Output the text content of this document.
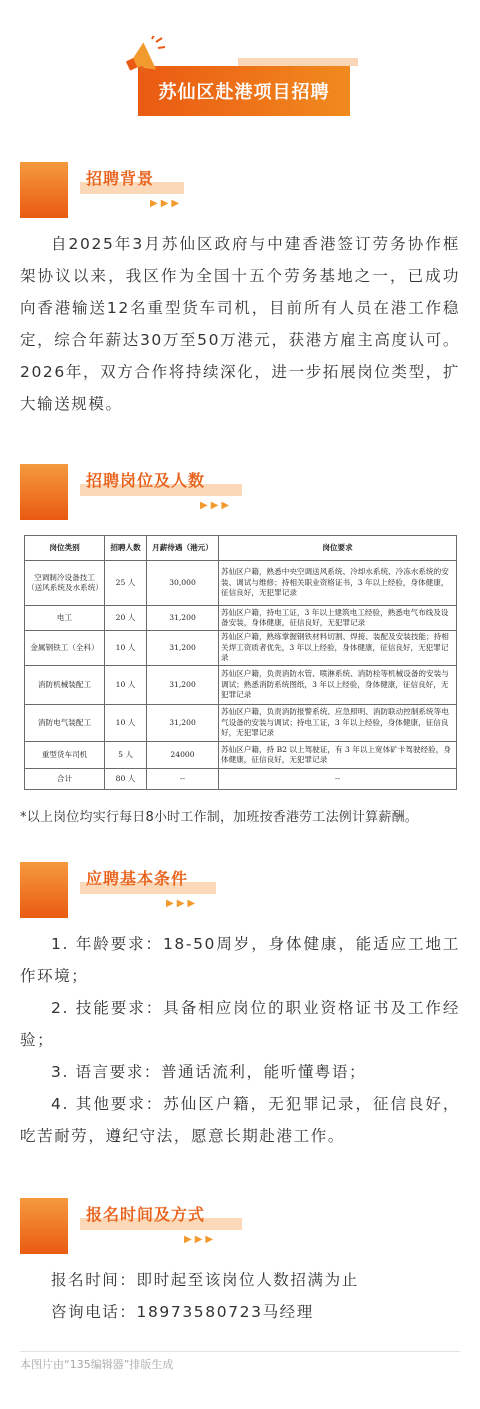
苏仙区赴港项目招聘
招聘背景
▶▶▶

自2025年3月苏仙区政府与中建香港签订劳务协作框架协议以来，我区作为全国十五个劳务基地之一，已成功向香港输送12名重型货车司机，目前所有人员在港工作稳定，综合年薪达30万至50万港元，获港方雇主高度认可。2026年，双方合作将持续深化，进一步拓展岗位类型，扩大输送规模。

招聘岗位及人数
▶▶▶
岗位类别	招聘人数	月薪待遇（港元）	岗位要求
空调制冷设备技工（送风系统及水系统）	25 人	30,000	苏仙区户籍，熟悉中央空调送风系统、冷却水系统、冷冻水系统的安装、调试与维修；持相关职业资格证书，3 年以上经验，身体健康，征信良好，无犯罪记录
电工	20 人	31,200	苏仙区户籍，持电工证，3 年以上建筑电工经验，熟悉电气布线及设备安装，身体健康，征信良好，无犯罪记录
金属钢铁工（全科）	10 人	31,200	苏仙区户籍，熟练掌握钢铁材料切割、焊接、装配及安装技能；持相关焊工资质者优先，3 年以上经验，身体健康，征信良好，无犯罪记录
消防机械装配工	10 人	31,200	苏仙区户籍，负责消防水管、喷淋系统、消防栓等机械设备的安装与调试；熟悉消防系统图纸，3 年以上经验，身体健康，征信良好，无犯罪记录
消防电气装配工	10 人	31,200	苏仙区户籍，负责消防报警系统、应急照明、消防联动控制系统等电气设备的安装与调试；持电工证，3 年以上经验，身体健康，征信良好，无犯罪记录
重型货车司机	5 人	24000	苏仙区户籍，持 B2 以上驾驶证，有 3 年以上宽体矿卡驾驶经验，身体健康，征信良好，无犯罪记录
合计	80 人	--	--
*以上岗位均实行每日8小时工作制，加班按香港劳工法例计算薪酬。
应聘基本条件
▶▶▶

1. 年龄要求：18-50周岁，身体健康，能适应工地工作环境；

2. 技能要求：具备相应岗位的职业资格证书及工作经验；

3. 语言要求：普通话流利，能听懂粤语；

4. 其他要求：苏仙区户籍，无犯罪记录，征信良好，吃苦耐劳，遵纪守法，愿意长期赴港工作。

报名时间及方式
▶▶▶

报名时间：即时起至该岗位人数招满为止

咨询电话：18973580723马经理

本图片由“135编辑器”排版生成
